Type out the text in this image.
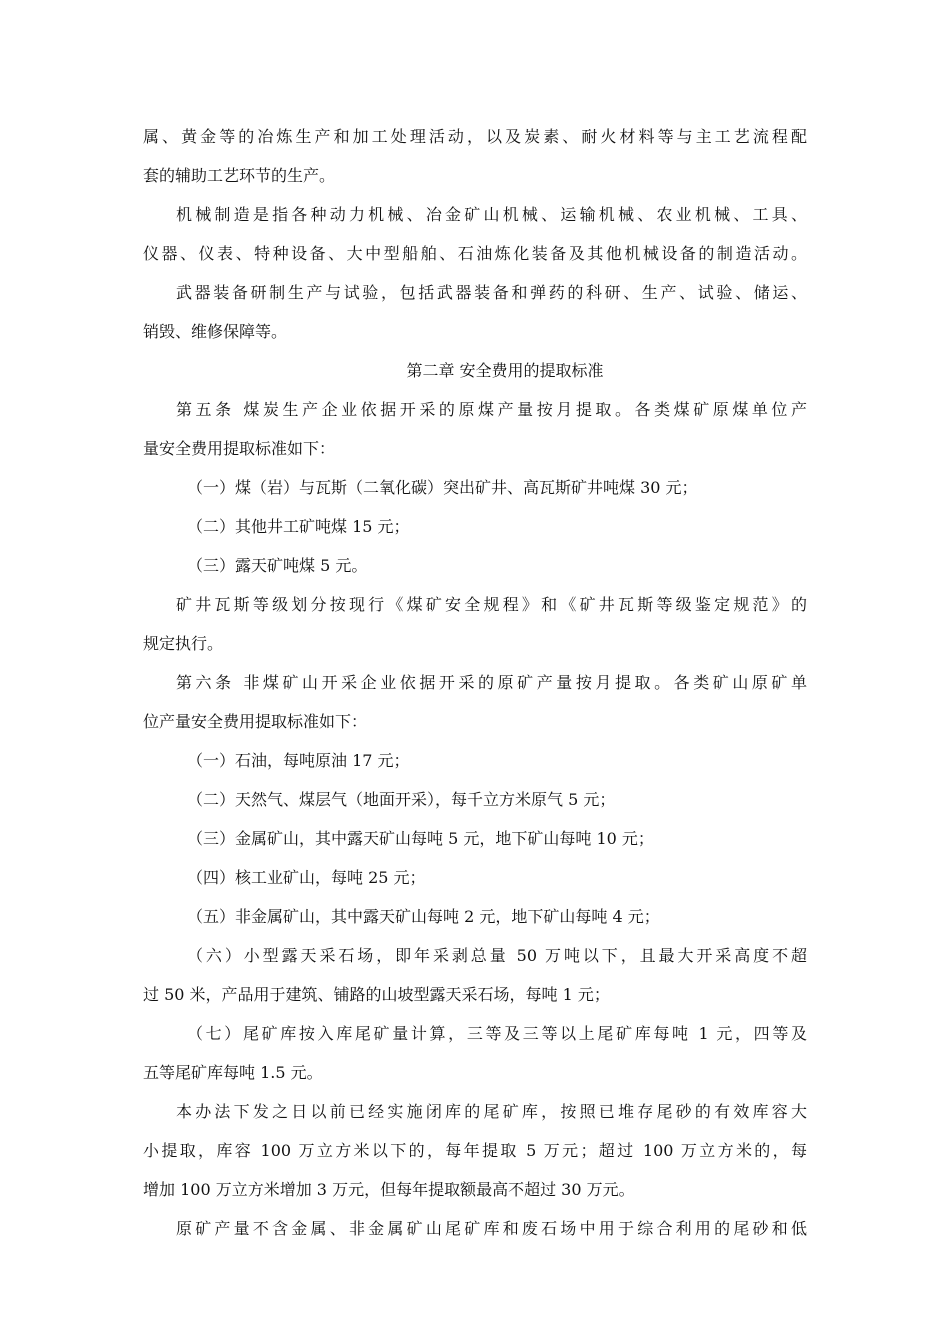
属、黄金等的冶炼生产和加工处理活动，以及炭素、耐火材料等与主工艺流程配
套的辅助工艺环节的生产。
机械制造是指各种动力机械、冶金矿山机械、运输机械、农业机械、工具、
仪器、仪表、特种设备、大中型船舶、石油炼化装备及其他机械设备的制造活动。
武器装备研制生产与试验，包括武器装备和弹药的科研、生产、试验、储运、
销毁、维修保障等。
第二章 安全费用的提取标准
第五条 煤炭生产企业依据开采的原煤产量按月提取。各类煤矿原煤单位产
量安全费用提取标准如下：
（一）煤（岩）与瓦斯（二氧化碳）突出矿井、高瓦斯矿井吨煤 30 元；
（二）其他井工矿吨煤 15 元；
（三）露天矿吨煤 5 元。
矿井瓦斯等级划分按现行《煤矿安全规程》和《矿井瓦斯等级鉴定规范》的
规定执行。
第六条 非煤矿山开采企业依据开采的原矿产量按月提取。各类矿山原矿单
位产量安全费用提取标准如下：
（一）石油，每吨原油 17 元；
（二）天然气、煤层气（地面开采），每千立方米原气 5 元；
（三）金属矿山，其中露天矿山每吨 5 元，地下矿山每吨 10 元；
（四）核工业矿山，每吨 25 元；
（五）非金属矿山，其中露天矿山每吨 2 元，地下矿山每吨 4 元；
（六）小型露天采石场，即年采剥总量 50 万吨以下，且最大开采高度不超
过 50 米，产品用于建筑、铺路的山坡型露天采石场，每吨 1 元；
（七）尾矿库按入库尾矿量计算，三等及三等以上尾矿库每吨 1 元，四等及
五等尾矿库每吨 1.5 元。
本办法下发之日以前已经实施闭库的尾矿库，按照已堆存尾砂的有效库容大
小提取，库容 100 万立方米以下的，每年提取 5 万元；超过 100 万立方米的，每
增加 100 万立方米增加 3 万元，但每年提取额最高不超过 30 万元。
原矿产量不含金属、非金属矿山尾矿库和废石场中用于综合利用的尾砂和低
